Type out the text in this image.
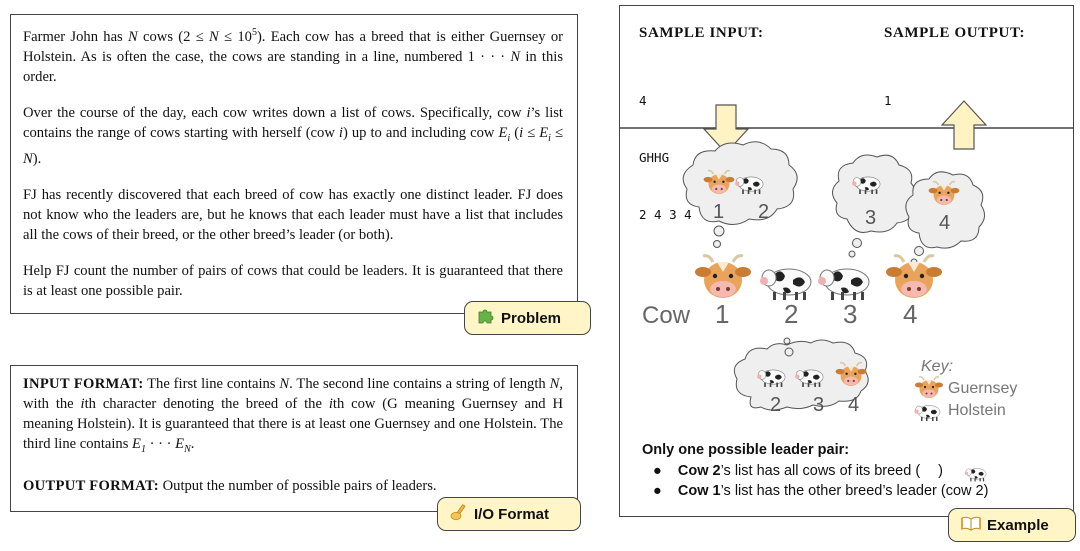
Farmer John has N cows $(2 \le N \le 10^5)$. Each cow has a breed that is either Guernsey or Holstein. As is often the case, the cows are standing in a line, numbered 1 · · · N in this order.

Over the course of the day, each cow writes down a list of cows. Specifically, cow i’s list contains the range of cows starting with herself (cow i) up to and including cow $E_i$ $(i \le E_i \le N)$.

FJ has recently discovered that each breed of cow has exactly one distinct leader. FJ does not know who the leaders are, but he knows that each leader must have a list that includes all the cows of their breed, or the other breed’s leader (or both).

Help FJ count the number of pairs of cows that could be leaders. It is guaranteed that there is at least one possible pair.

Problem

INPUT FORMAT: The first line contains N. The second line contains a string of length N, with the ith character denoting the breed of the ith cow (G meaning Guernsey and H meaning Holstein). It is guaranteed that there is at least one Guernsey and one Holstein. The third line contains $E_1$ · · · $E_N$.

OUTPUT FORMAT: Output the number of possible pairs of leaders.

I/O Format
SAMPLE INPUT:	SAMPLE OUTPUT:

4

GHHG

2 4 3 4

1

1 2	3	4
2 3 4
Cow 1 2 3 4
Key:
Guernsey
Holstein
Only one possible leader pair:
●    Cow 2’s list has all cows of its breed ( )
●    Cow 1’s list has the other breed’s leader (cow 2)
Example
